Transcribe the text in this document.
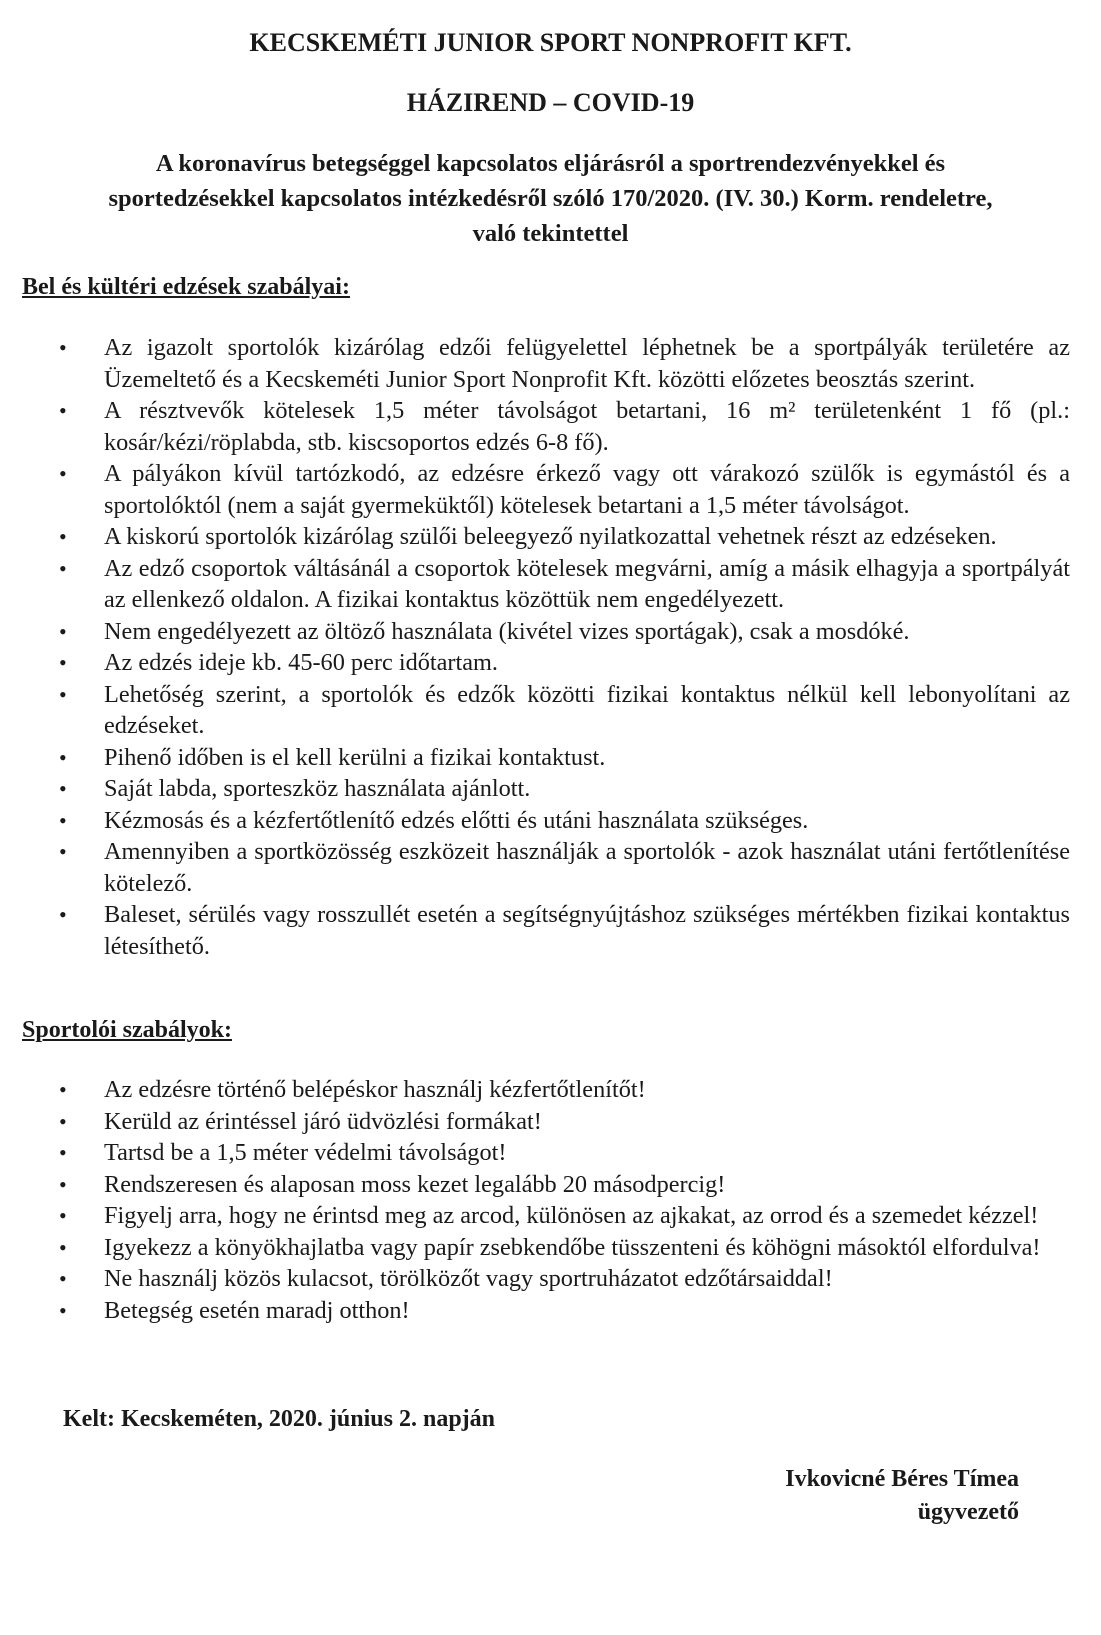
KECSKEMÉTI JUNIOR SPORT NONPROFIT KFT.
HÁZIREND – COVID-19

A koronavírus betegséggel kapcsolatos eljárásról a sportrendezvényekkel és
sportedzésekkel kapcsolatos intézkedésről szóló 170/2020. (IV. 30.) Korm. rendeletre,
való tekintettel

Bel és kültéri edzések szabályai:
• Az igazolt sportolók kizárólag edzői felügyelettel léphetnek be a sportpályák területére az Üzemeltető és a Kecskeméti Junior Sport Nonprofit Kft. közötti előzetes beosztás szerint.
• A résztvevők kötelesek 1,5 méter távolságot betartani, 16 m² területenként 1 fő (pl.: kosár/kézi/röplabda, stb. kiscsoportos edzés 6-8 fő).
• A pályákon kívül tartózkodó, az edzésre érkező vagy ott várakozó szülők is egymástól és a sportolóktól (nem a saját gyermeküktől) kötelesek betartani a 1,5 méter távolságot.
• A kiskorú sportolók kizárólag szülői beleegyező nyilatkozattal vehetnek részt az edzéseken.
• Az edző csoportok váltásánál a csoportok kötelesek megvárni, amíg a másik elhagyja a sportpályát az ellenkező oldalon. A fizikai kontaktus közöttük nem engedélyezett.
• Nem engedélyezett az öltöző használata (kivétel vizes sportágak), csak a mosdóké.
• Az edzés ideje kb. 45-60 perc időtartam.
• Lehetőség szerint, a sportolók és edzők közötti fizikai kontaktus nélkül kell lebonyolítani az edzéseket.
• Pihenő időben is el kell kerülni a fizikai kontaktust.
• Saját labda, sporteszköz használata ajánlott.
• Kézmosás és a kézfertőtlenítő edzés előtti és utáni használata szükséges.
• Amennyiben a sportközösség eszközeit használják a sportolók - azok használat utáni fertőtlenítése kötelező.
• Baleset, sérülés vagy rosszullét esetén a segítségnyújtáshoz szükséges mértékben fizikai kontaktus létesíthető.
Sportolói szabályok:
• Az edzésre történő belépéskor használj kézfertőtlenítőt!
• Kerüld az érintéssel járó üdvözlési formákat!
• Tartsd be a 1,5 méter védelmi távolságot!
• Rendszeresen és alaposan moss kezet legalább 20 másodpercig!
• Figyelj arra, hogy ne érintsd meg az arcod, különösen az ajkakat, az orrod és a szemedet kézzel!
• Igyekezz a könyökhajlatba vagy papír zsebkendőbe tüsszenteni és köhögni másoktól elfordulva!
• Ne használj közös kulacsot, törölközőt vagy sportruházatot edzőtársaiddal!
• Betegség esetén maradj otthon!

Kelt: Kecskeméten, 2020. június 2. napján

Ivkovicné Béres Tímea

ügyvezető
